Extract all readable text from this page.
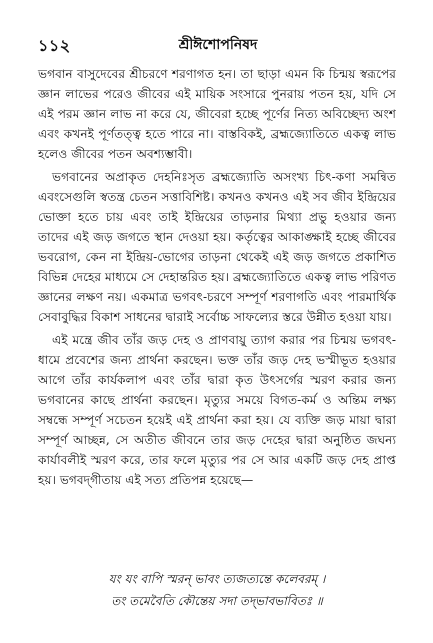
১১২	শ্রীঈশোপনিষদ

ভগবান বাসুদেবের শ্রীচরণে শরণাগত হন। তা ছাড়া এমন কি চিন্ময় স্বরূপের জ্ঞান লাভের পরেও জীবের এই মায়িক সংসারে পুনরায় পতন হয়, যদি সে এই পরম জ্ঞান লাভ না করে যে, জীবেরা হচ্ছে পূর্ণের নিত্য অবিচ্ছেদ্য অংশ এবং কখনই পূর্ণতত্ত্ব হতে পারে না। বাস্তবিকই, ব্রহ্মজ্যোতিতে একত্ব লাভ হলেও জীবের পতন অবশ্যম্ভাবী।

ভগবানের অপ্রাকৃত দেহনিঃসৃত ব্রহ্মজ্যোতি অসংখ্য চিৎ-কণা সমন্বিত এবংসেগুলি স্বতন্ত্র চেতন সত্তাবিশিষ্ট। কখনও কখনও এই সব জীব ইন্দ্রিয়ের ভোক্তা হতে চায় এবং তাই ইন্দ্রিয়ের তাড়নার মিথ্যা প্রভু হওয়ার জন্য তাদের এই জড় জগতে স্থান দেওয়া হয়। কর্তৃত্বের আকাঙ্ক্ষাই হচ্ছে জীবের ভবরোগ, কেন না ইন্দ্রিয়-ভোগের তাড়না থেকেই এই জড় জগতে প্রকাশিত বিভিন্ন দেহের মাধ্যমে সে দেহান্তরিত হয়। ব্রহ্মজ্যোতিতে একত্ব লাভ পরিণত জ্ঞানের লক্ষণ নয়। একমাত্র ভগবৎ-চরণে সম্পূর্ণ শরণাগতি এবং পারমার্থিক সেবাবুদ্ধির বিকাশ সাধনের দ্বারাই সর্বোচ্চ সাফল্যের স্তরে উন্নীত হওয়া যায়।

এই মন্ত্রে জীব তাঁর জড় দেহ ও প্রাণবায়ু ত্যাগ করার পর চিন্ময় ভগবৎ-ধামে প্রবেশের জন্য প্রার্থনা করছেন। ভক্ত তাঁর জড় দেহ ভস্মীভূত হওয়ার আগে তাঁর কার্যকলাপ এবং তাঁর দ্বারা কৃত উৎসর্গের স্মরণ করার জন্য ভগবানের কাছে প্রার্থনা করছেন। মৃত্যুর সময়ে বিগত-কর্ম ও অন্তিম লক্ষ্য সম্বন্ধে সম্পূর্ণ সচেতন হয়েই এই প্রার্থনা করা হয়। যে ব্যক্তি জড় মায়া দ্বারা সম্পূর্ণ আচ্ছন্ন, সে অতীত জীবনে তার জড় দেহের দ্বারা অনুষ্ঠিত জঘন্য কার্যাবলীই স্মরণ করে, তার ফলে মৃত্যুর পর সে আর একটি জড় দেহ প্রাপ্ত হয়। ভগবদ্‌গীতায় এই সত্য প্রতিপন্ন হয়েছে—

যং যং বাপি স্মরন্ ভাবং ত্যজত্যন্তে কলেবরম্ ।
তং তমেবৈতি কৌন্তেয় সদা তদ্‌ভাবভাবিতঃ ॥
